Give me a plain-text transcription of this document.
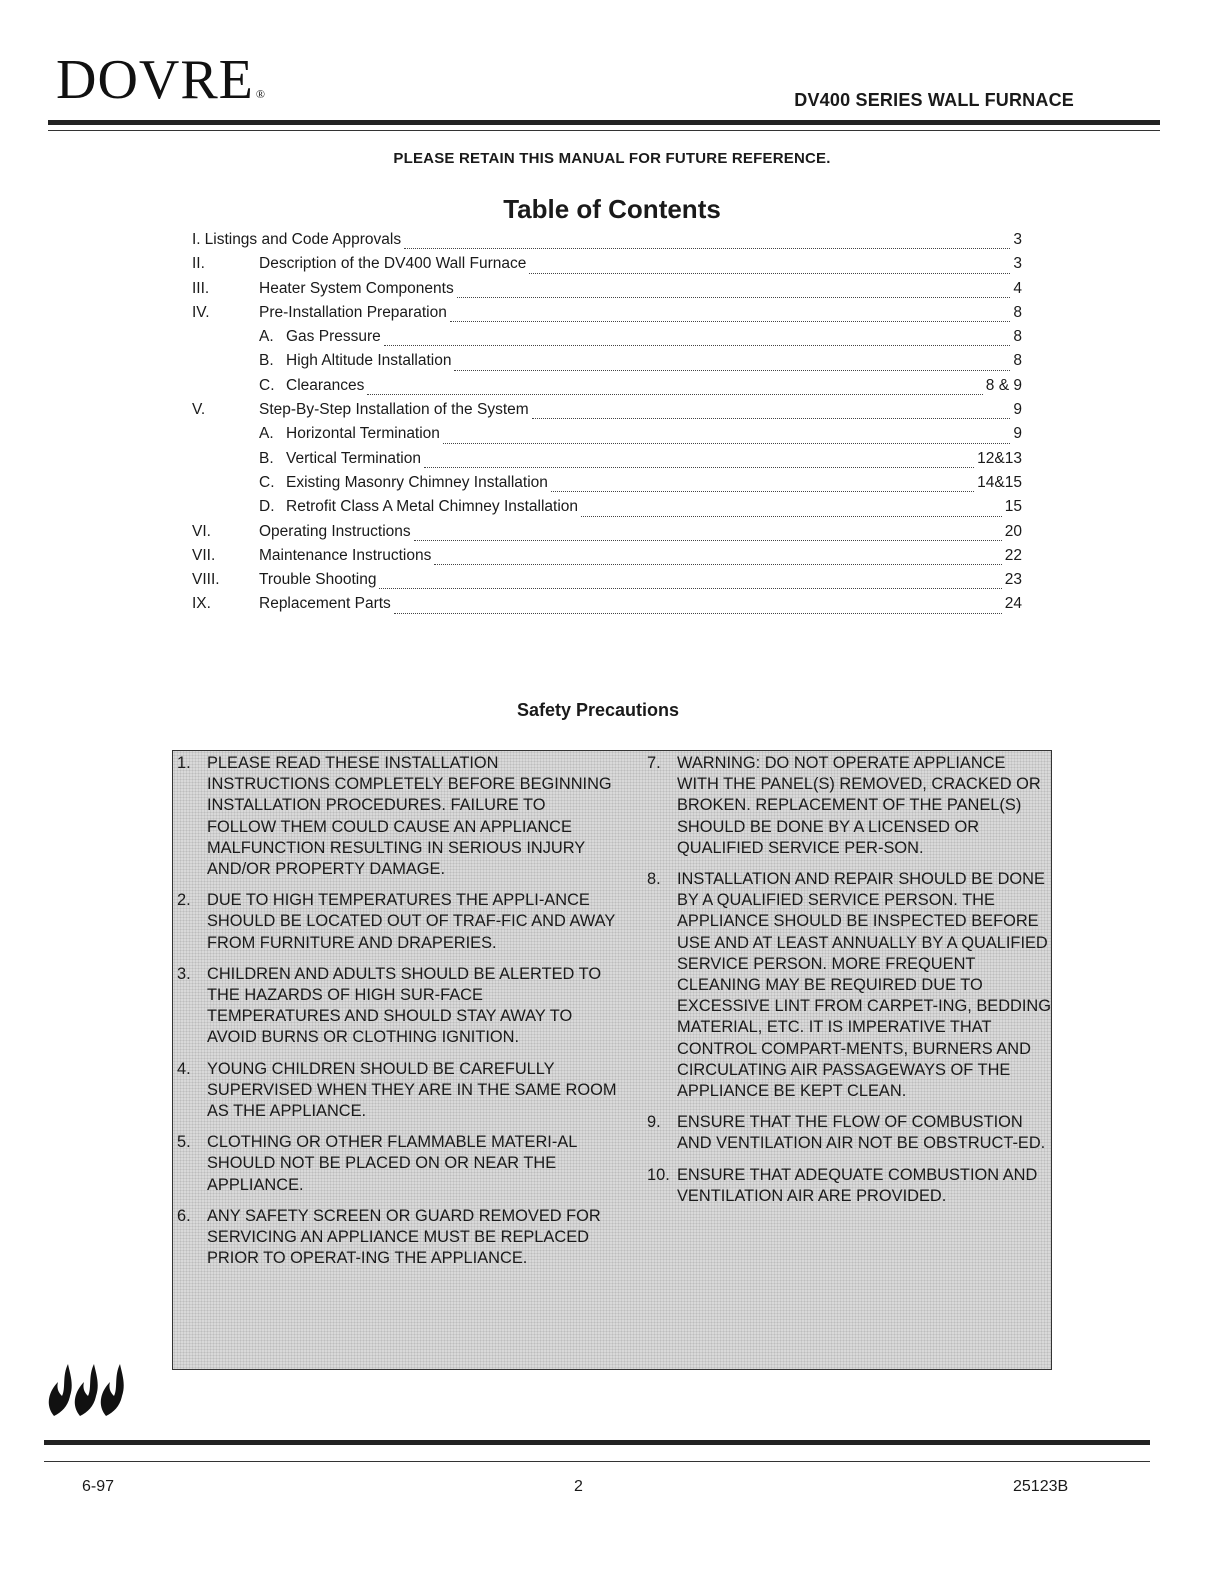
DOVRE ®	DV400 SERIES WALL FURNACE
PLEASE RETAIN THIS MANUAL FOR FUTURE REFERENCE.
Table of Contents
I. Listings and Code Approvals	3
II.	Description of the DV400 Wall Furnace	3
III.	Heater System Components	4
IV.	Pre-Installation Preparation	8
A. Gas Pressure	8
B. High Altitude Installation	8
C. Clearances	8 & 9
V.	Step-By-Step Installation of the System	9
A. Horizontal Termination	9
B. Vertical Termination	12&13
C. Existing Masonry Chimney Installation	14&15
D. Retrofit Class A Metal Chimney Installation	15
VI.	Operating Instructions	20
VII.	Maintenance Instructions	22
VIII.	Trouble Shooting	23
IX.	Replacement Parts	24
Safety Precautions
1. PLEASE READ THESE INSTALLATION INSTRUCTIONS COMPLETELY BEFORE BEGINNING INSTALLATION PROCEDURES. FAILURE TO FOLLOW THEM COULD CAUSE AN APPLIANCE MALFUNCTION RESULTING IN SERIOUS INJURY AND/OR PROPERTY DAMAGE.
2. DUE TO HIGH TEMPERATURES THE APPLI-ANCE SHOULD BE LOCATED OUT OF TRAF-FIC AND AWAY FROM FURNITURE AND DRAPERIES.
3. CHILDREN AND ADULTS SHOULD BE ALERTED TO THE HAZARDS OF HIGH SUR-FACE TEMPERATURES AND SHOULD STAY AWAY TO AVOID BURNS OR CLOTHING IGNITION.
4. YOUNG CHILDREN SHOULD BE CAREFULLY SUPERVISED WHEN THEY ARE IN THE SAME ROOM AS THE APPLIANCE.
5. CLOTHING OR OTHER FLAMMABLE MATERI-AL SHOULD NOT BE PLACED ON OR NEAR THE APPLIANCE.
6. ANY SAFETY SCREEN OR GUARD REMOVED FOR SERVICING AN APPLIANCE MUST BE REPLACED PRIOR TO OPERAT-ING THE APPLIANCE.
7. WARNING: DO NOT OPERATE APPLIANCE WITH THE PANEL(S) REMOVED, CRACKED OR BROKEN. REPLACEMENT OF THE PANEL(S) SHOULD BE DONE BY A LICENSED OR QUALIFIED SERVICE PER-SON.
8. INSTALLATION AND REPAIR SHOULD BE DONE BY A QUALIFIED SERVICE PERSON. THE APPLIANCE SHOULD BE INSPECTED BEFORE USE AND AT LEAST ANNUALLY BY A QUALIFIED SERVICE PERSON. MORE FREQUENT CLEANING MAY BE REQUIRED DUE TO EXCESSIVE LINT FROM CARPET-ING, BEDDING MATERIAL, ETC. IT IS IMPERATIVE THAT CONTROL COMPART-MENTS, BURNERS AND CIRCULATING AIR PASSAGEWAYS OF THE APPLIANCE BE KEPT CLEAN.
9. ENSURE THAT THE FLOW OF COMBUSTION AND VENTILATION AIR NOT BE OBSTRUCT-ED.
10. ENSURE THAT ADEQUATE COMBUSTION AND VENTILATION AIR ARE PROVIDED.
6-97	2	25123B
